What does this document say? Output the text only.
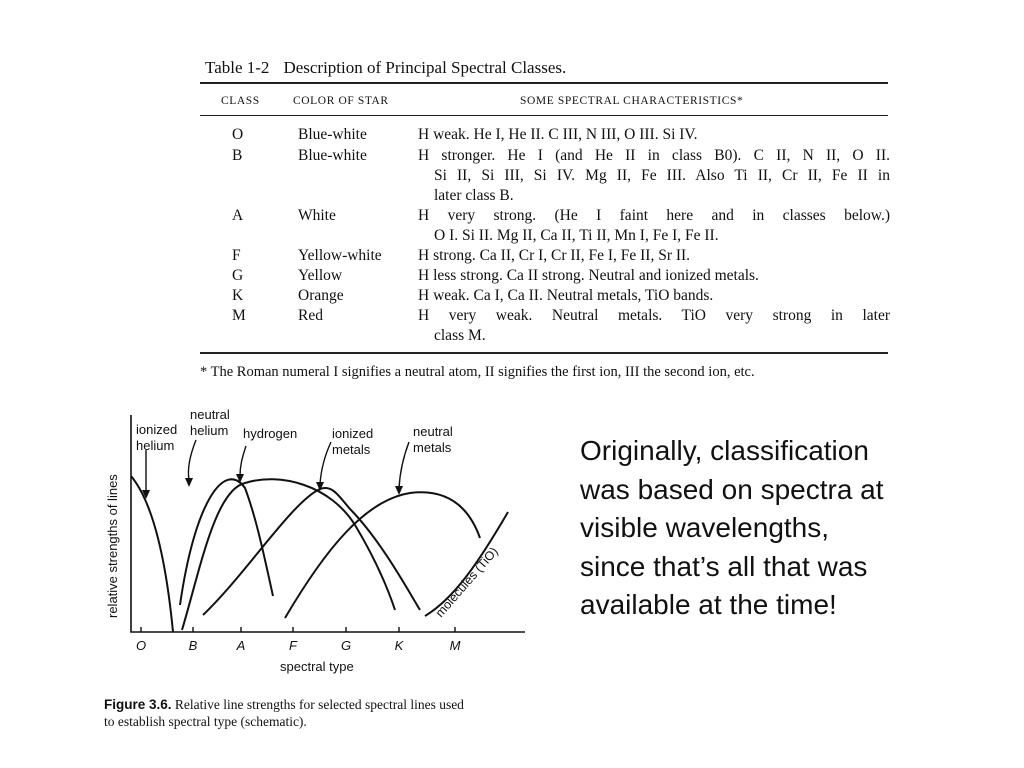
Table 1-2 Description of Principal Spectral Classes.
CLASS	COLOR OF STAR	SOME SPECTRAL CHARACTERISTICS*
O	Blue-white	H weak. He I, He II. C III, N III, O III. Si IV.
B	Blue-white	H stronger. He I (and He II in class B0). C II, N II, O II.
Si II, Si III, Si IV. Mg II, Fe III. Also Ti II, Cr II, Fe II in
later class B.
A	White	H very strong. (He I faint here and in classes below.)
O I. Si II. Mg II, Ca II, Ti II, Mn I, Fe I, Fe II.
F	Yellow-white H strong. Ca II, Cr I, Cr II, Fe I, Fe II, Sr II.
G	Yellow	H less strong. Ca II strong. Neutral and ionized metals.
K	Orange	H weak. Ca I, Ca II. Neutral metals, TiO bands.
M	Red	H very weak. Neutral metals. TiO very strong in later
class M.
* The Roman numeral I signifies a neutral atom, II signifies the first ion, III the second ion, etc.
ionized
helium
neutral
helium hydrogen	ionized
metals
neutral
metals
molecules (TiO)
relative strengths of lines
spectral type
O	B	A	F	G	K	M
Figure 3.6. Relative line strengths for selected spectral lines used
to establish spectral type (schematic).
Originally, classification
was based on spectra at
visible wavelengths,
since that’s all that was
available at the time!
